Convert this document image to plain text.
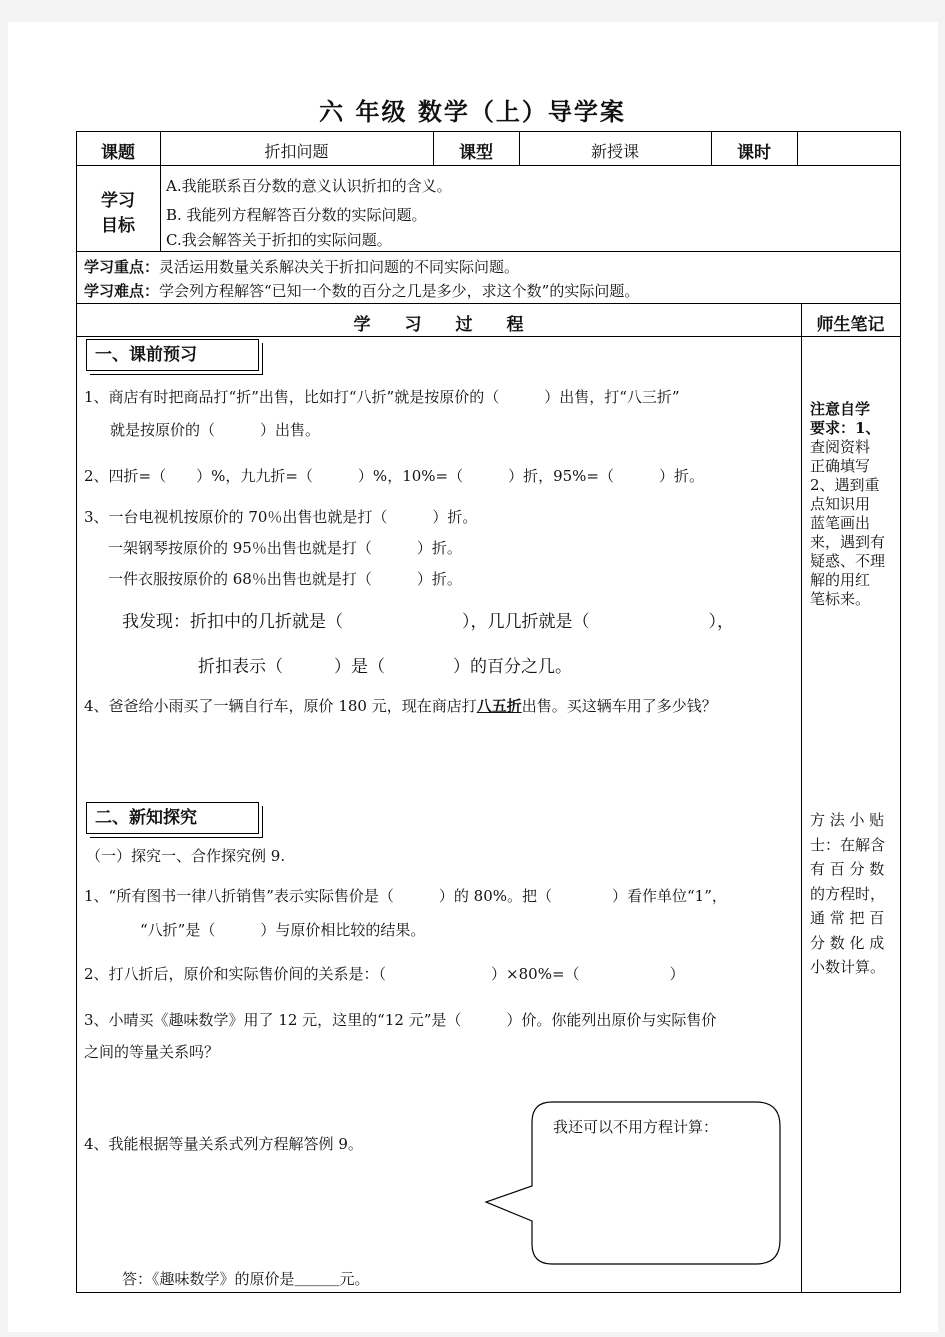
六 年级 数学（上）导学案
课题	折扣问题	课型	新授课	课时
学习
目标
A.我能联系百分数的意义认识折扣的含义。
B. 我能列方程解答百分数的实际问题。
C.我会解答关于折扣的实际问题。
学习重点：灵活运用数量关系解决关于折扣问题的不同实际问题。
学习难点：学会列方程解答“已知一个数的百分之几是多少，求这个数”的实际问题。
学　　习　　过　　程	师生笔记
一、课前预习
1、商店有时把商品打“折”出售，比如打“八折”就是按原价的（　　　）出售，打“八三折”
就是按原价的（　　　）出售。
2、四折=（　　）%，九九折=（　　　）%，10%=（　　　）折，95%=（　　　）折。
3、一台电视机按原价的 70％出售也就是打（　　　）折。
一架钢琴按原价的 95％出售也就是打（　　　）折。
一件衣服按原价的 68％出售也就是打（　　　）折。
我发现：折扣中的几折就是（　　　　　　　），几几折就是（　　　　　　　），
折扣表示（　　　）是（　　　　）的百分之几。
4、爸爸给小雨买了一辆自行车，原价 180 元，现在商店打八五折出售。买这辆车用了多少钱？
二、新知探究
（一）探究一、合作探究例 9.
1、“所有图书一律八折销售”表示实际售价是（　　　）的 80%。把（　　　　）看作单位“1”，
“八折”是（　　　）与原价相比较的结果。
2、打八折后，原价和实际售价间的关系是：（　　　　　　　）×80%=（　　　　　　）
3、小晴买《趣味数学》用了 12 元，这里的“12 元”是（　　　）价。你能列出原价与实际售价
之间的等量关系吗？
4、我能根据等量关系式列方程解答例 9。
我还可以不用方程计算：
答：《趣味数学》的原价是＿＿＿元。
注意自学
要求：1、
查阅资料
正确填写
2、遇到重
点知识用
蓝笔画出
来，遇到有
疑惑、不理
解的用红
笔标来。
方 法 小 贴
士：在解含
有 百 分 数
的方程时，
通 常 把 百
分 数 化 成
小数计算。
